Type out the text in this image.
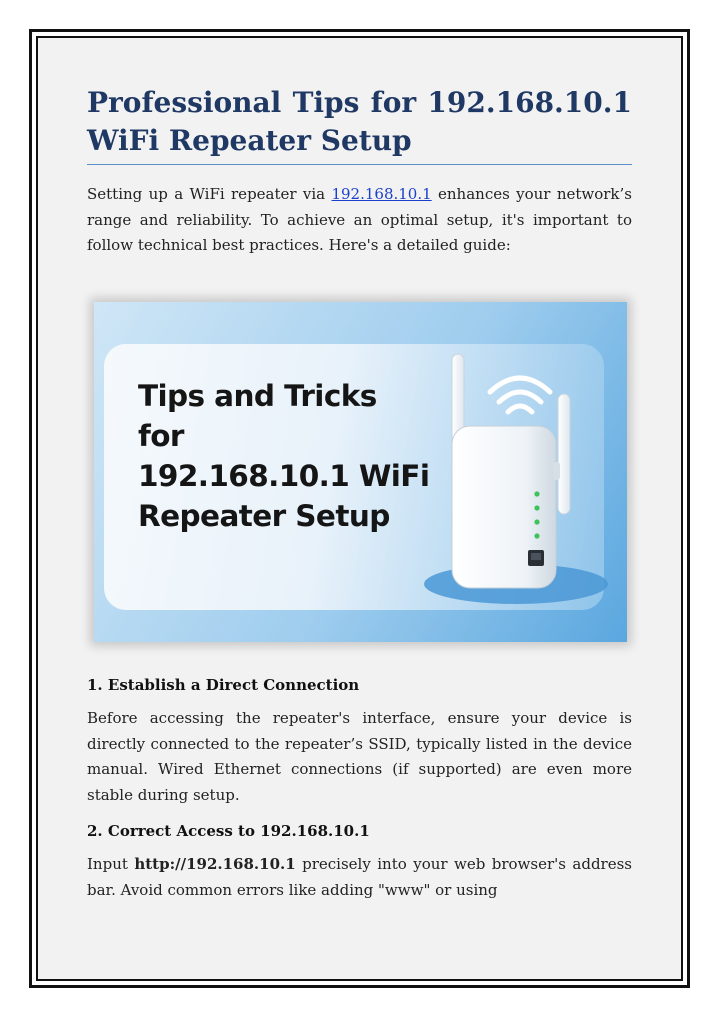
Professional Tips for 192.168.10.1 WiFi Repeater Setup

Setting up a WiFi repeater via 192.168.10.1 enhances your network’s range and reliability. To achieve an optimal setup, it's important to follow technical best practices. Here's a detailed guide:

Tips and Tricks
for
192.168.10.1 WiFi
Repeater Setup
1. Establish a Direct Connection

Before accessing the repeater's interface, ensure your device is directly connected to the repeater’s SSID, typically listed in the device manual. Wired Ethernet connections (if supported) are even more stable during setup.

2. Correct Access to 192.168.10.1

Input http://192.168.10.1 precisely into your web browser's address bar. Avoid common errors like adding "www" or using
